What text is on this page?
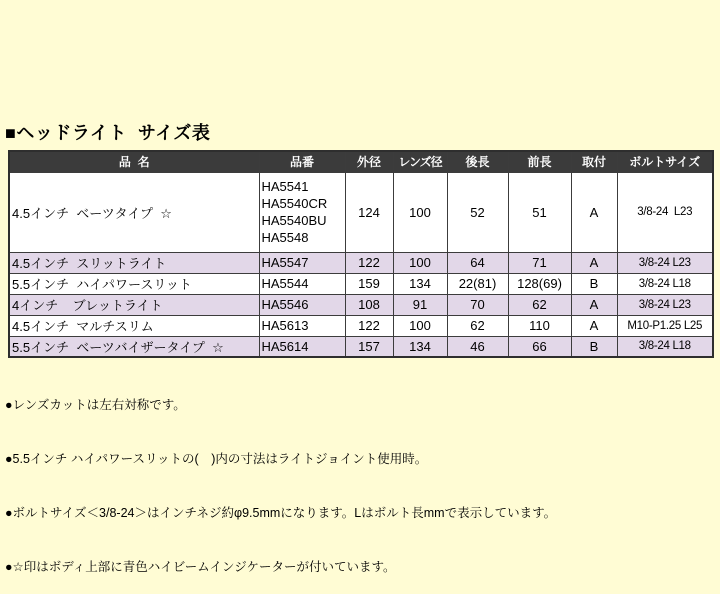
■ヘッドライト  サイズ表
品  名	品番	外径	レンズ径	後長	前長	取付	ボルトサイズ
4.5インチ  ベーツタイプ  ☆	HA5541
HA5540CR
HA5540BU
HA5548	124	100	52	51	A	3/8-24  L23
4.5インチ  スリットライト	HA5547	122	100	64	71	A	3/8-24 L23
5.5インチ  ハイパワースリット	HA5544	159	134	22(81)	128(69)	B	3/8-24 L18
4インチ    ブレットライト	HA5546	108	91	70	62	A	3/8-24 L23
4.5インチ  マルチスリム	HA5613	122	100	62	110	A	M10-P1.25 L25
5.5インチ  ベーツバイザータイプ  ☆	HA5614	157	134	46	66	B	3/8-24 L18

●レンズカットは左右対称です。

●5.5インチ ハイパワースリットの(　)内の寸法はライトジョイント使用時。

●ボルトサイズ＜3/8-24＞はインチネジ約φ9.5mmになります。Lはボルト長mmで表示しています。

●☆印はボディ上部に青色ハイビームインジケーターが付いています。
